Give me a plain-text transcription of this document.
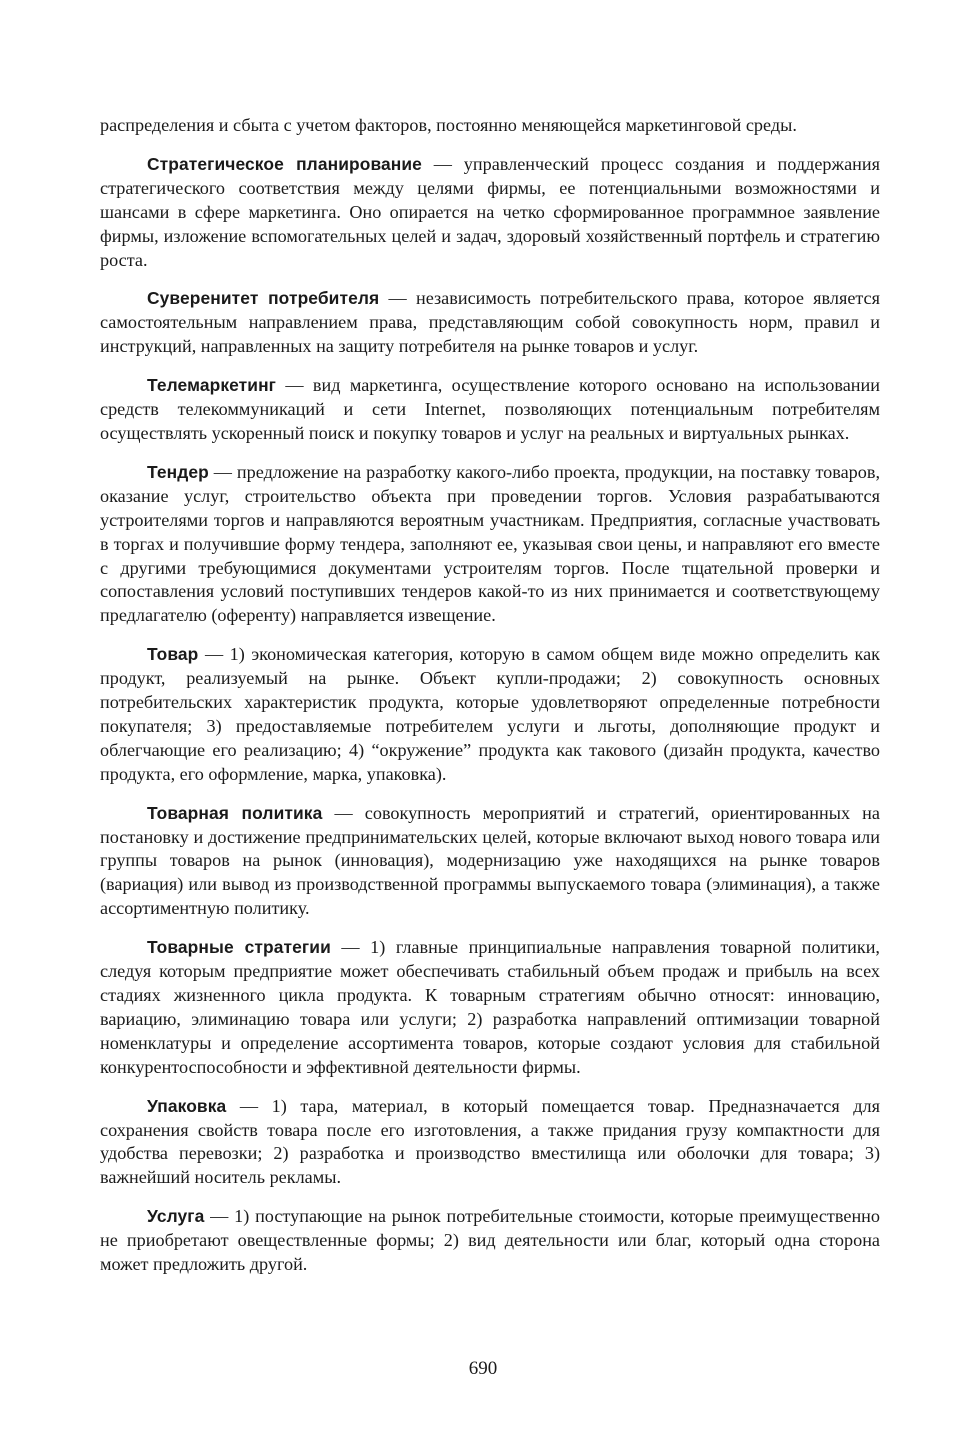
распределения и сбыта с учетом факторов, постоянно меняющейся маркетинговой среды.

Стратегическое планирование — управленческий процесс создания и поддержания стратегического соответствия между целями фирмы, ее потенциальными возможностями и шансами в сфере маркетинга. Оно опирается на четко сформированное программное заявление фирмы, изложение вспомогательных целей и задач, здоровый хозяйственный портфель и стратегию роста.

Суверенитет потребителя — независимость потребительского права, которое является самостоятельным направлением права, представляющим собой совокупность норм, правил и инструкций, направленных на защиту потребителя на рынке товаров и услуг.

Телемаркетинг — вид маркетинга, осуществление которого основано на использовании средств телекоммуникаций и сети Internet, позволяющих потенциальным потребителям осуществлять ускоренный поиск и покупку товаров и услуг на реальных и виртуальных рынках.

Тендер — предложение на разработку какого-либо проекта, продукции, на поставку товаров, оказание услуг, строительство объекта при проведении торгов. Условия разрабатываются устроителями торгов и направляются вероятным участникам. Предприятия, согласные участвовать в торгах и получившие форму тендера, заполняют ее, указывая свои цены, и направляют его вместе с другими требующимися документами устроителям торгов. После тщательной проверки и сопоставления условий поступивших тендеров какой-то из них принимается и соответствующему предлагателю (оференту) направляется извещение.

Товар — 1) экономическая категория, которую в самом общем виде можно определить как продукт, реализуемый на рынке. Объект купли-продажи; 2) совокупность основных потребительских характеристик продукта, которые удовлетворяют определенные потребности покупателя; 3) предоставляемые потребителем услуги и льготы, дополняющие продукт и облегчающие его реализацию; 4) “окружение” продукта как такового (дизайн продукта, качество продукта, его оформление, марка, упаковка).

Товарная политика — совокупность мероприятий и стратегий, ориентированных на постановку и достижение предпринимательских целей, которые включают выход нового товара или группы товаров на рынок (инновация), модернизацию уже находящихся на рынке товаров (вариация) или вывод из производственной программы выпускаемого товара (элиминация), а также ассортиментную политику.

Товарные стратегии — 1) главные принципиальные направления товарной политики, следуя которым предприятие может обеспечивать стабильный объем продаж и прибыль на всех стадиях жизненного цикла продукта. К товарным стратегиям обычно относят: инновацию, вариацию, элиминацию товара или услуги; 2) разработка направлений оптимизации товарной номенклатуры и определение ассортимента товаров, которые создают условия для стабильной конкурентоспособности и эффективной деятельности фирмы.

Упаковка — 1) тара, материал, в который помещается товар. Предназначается для сохранения свойств товара после его изготовления, а также придания грузу компактности для удобства перевозки; 2) разработка и производство вместилища или оболочки для товара; 3) важнейший носитель рекламы.

Услуга — 1) поступающие на рынок потребительные стоимости, которые преимущественно не приобретают овеществленные формы; 2) вид деятельности или благ, который одна сторона может предложить другой.

690
